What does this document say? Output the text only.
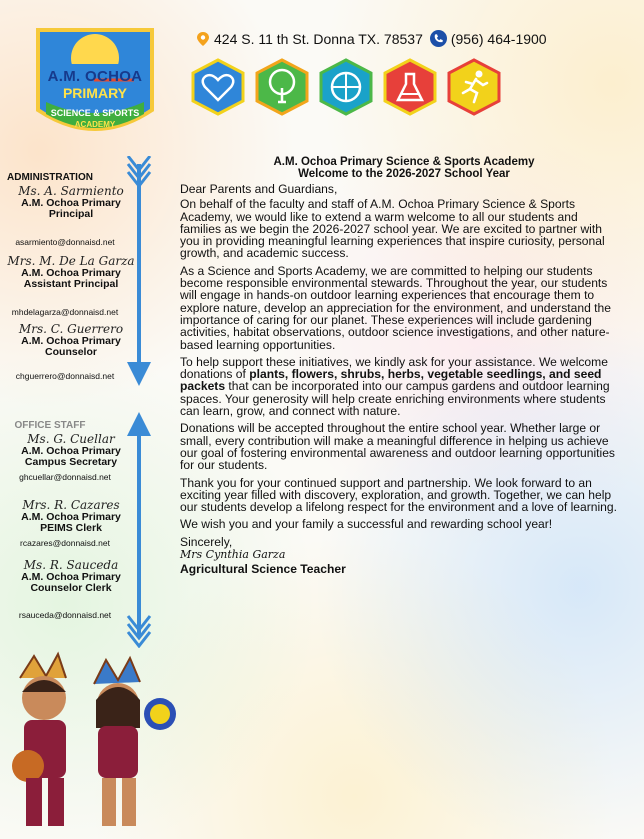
A.M. OCHOA
PRIMARY
SCIENCE & SPORTS
ACADEMY
424 S. 11 th St. Donna TX. 78537 (956) 464-1900
ADMINISTRATION
Ms. A. Sarmiento
A.M. Ochoa Primary Principal
asarmiento@donnaisd.net
Mrs. M. De La Garza
A.M. Ochoa Primary Assistant Principal
mhdelagarza@donnaisd.net
Mrs. C. Guerrero
A.M. Ochoa Primary Counselor
chguerrero@donnaisd.net
OFFICE STAFF
Ms. G. Cuellar
A.M. Ochoa Primary Campus Secretary
ghcuellar@donnaisd.net
Mrs. R. Cazares
A.M. Ochoa Primary PEIMS Clerk
rcazares@donnaisd.net
Ms. R. Sauceda
A.M. Ochoa Primary Counselor Clerk
rsauceda@donnaisd.net
A.M. Ochoa Primary Science & Sports Academy
Welcome to the 2026-2027 School Year

Dear Parents and Guardians,

On behalf of the faculty and staff of A.M. Ochoa Primary Science & Sports Academy, we would like to extend a warm welcome to all our students and families as we begin the 2026-2027 school year. We are excited to partner with you in providing meaningful learning experiences that inspire curiosity, personal growth, and academic success.

As a Science and Sports Academy, we are committed to helping our students become responsible environmental stewards. Throughout the year, our students will engage in hands-on outdoor learning experiences that encourage them to explore nature, develop an appreciation for the environment, and understand the importance of caring for our planet. These experiences will include gardening activities, habitat observations, outdoor science investigations, and other nature-based learning opportunities.

To help support these initiatives, we kindly ask for your assistance. We welcome donations of plants, flowers, shrubs, herbs, vegetable seedlings, and seed packets that can be incorporated into our campus gardens and outdoor learning spaces. Your generosity will help create enriching environments where students can learn, grow, and connect with nature.

Donations will be accepted throughout the entire school year. Whether large or small, every contribution will make a meaningful difference in helping us achieve our goal of fostering environmental awareness and outdoor learning opportunities for our students.

Thank you for your continued support and partnership. We look forward to an exciting year filled with discovery, exploration, and growth. Together, we can help our students develop a lifelong respect for the environment and a love of learning.

We wish you and your family a successful and rewarding school year!

Sincerely,

Mrs Cynthia Garza

Agricultural Science Teacher
